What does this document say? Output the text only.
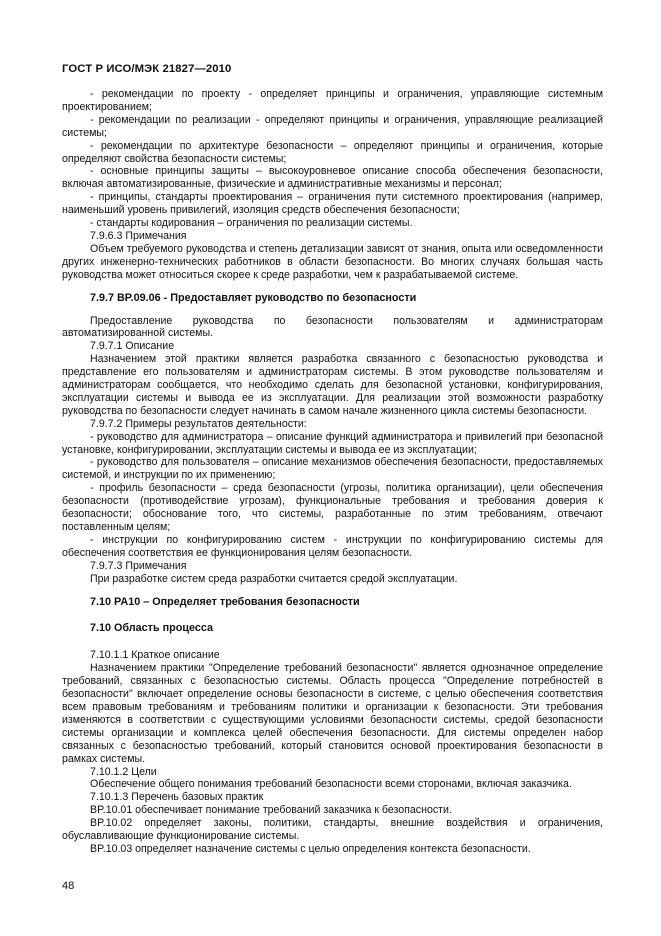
ГОСТ Р ИСО/МЭК 21827—2010

- рекомендации по проекту - определяет принципы и ограничения, управляющие системным проектированием;

- рекомендации по реализации - определяют принципы и ограничения, управляющие реализацией системы;

- рекомендации по архитектуре безопасности – определяют принципы и ограничения, которые определяют свойства безопасности системы;

- основные принципы защиты – высокоуровневое описание способа обеспечения безопасности, включая автоматизированные, физические и административные механизмы и персонал;

- принципы, стандарты проектирования – ограничения пути системного проектирования (например, наименьший уровень привилегий, изоляция средств обеспечения безопасности;

- стандарты кодирования – ограничения по реализации системы.

7.9.6.3 Примечания

Объем требуемого руководства и степень детализации зависят от знания, опыта или осведомленности других инженерно-технических работников в области безопасности. Во многих случаях большая часть руководства может относиться скорее к среде разработки, чем к разрабатываемой системе.

7.9.7 BP.09.06 - Предоставляет руководство по безопасности

Предоставление руководства по безопасности пользователям и администраторам автоматизированной системы.

7.9.7.1 Описание

Назначением этой практики является разработка связанного с безопасностью руководства и представление его пользователям и администраторам системы. В этом руководстве пользователям и администраторам сообщается, что необходимо сделать для безопасной установки, конфигурирования, эксплуатации системы и вывода ее из эксплуатации. Для реализации этой возможности разработку руководства по безопасности следует начинать в самом начале жизненного цикла системы безопасности.

7.9.7.2 Примеры результатов деятельности:

- руководство для администратора – описание функций администратора и привилегий при безопасной установке, конфигурировании, эксплуатации системы и вывода ее из эксплуатации;

- руководство для пользователя – описание механизмов обеспечения безопасности, предоставляемых системой, и инструкции по их применению;

- профиль безопасности – среда безопасности (угрозы, политика организации), цели обеспечения безопасности (противодействие угрозам), функциональные требования и требования доверия к безопасности; обоснование того, что системы, разработанные по этим требованиям, отвечают поставленным целям;

- инструкции по конфигурированию систем - инструкции по конфигурированию системы для обеспечения соответствия ее функционирования целям безопасности.

7.9.7.3 Примечания

При разработке систем среда разработки считается средой эксплуатации.

7.10 PA10 – Определяет требования безопасности

7.10 Область процесса

7.10.1.1 Краткое описание

Назначением практики "Определение требований безопасности" является однозначное определение требований, связанных с безопасностью системы. Область процесса "Определение потребностей в безопасности" включает определение основы безопасности в системе, с целью обеспечения соответствия всем правовым требованиям и требованиям политики и организации к безопасности. Эти требования изменяются в соответствии с существующими условиями безопасности системы, средой безопасности системы организации и комплекса целей обеспечения безопасности. Для системы определен набор связанных с безопасностью требований, который становится основой проектирования безопасности в рамках системы.

7.10.1.2 Цели

Обеспечение общего понимания требований безопасности всеми сторонами, включая заказчика.

7.10.1.3 Перечень базовых практик

BP.10.01 обеспечивает понимание требований заказчика к безопасности.

BP.10.02 определяет законы, политики, стандарты, внешние воздействия и ограничения, обуславливающие функционирование системы.

BP.10.03 определяет назначение системы с целью определения контекста безопасности.

48
